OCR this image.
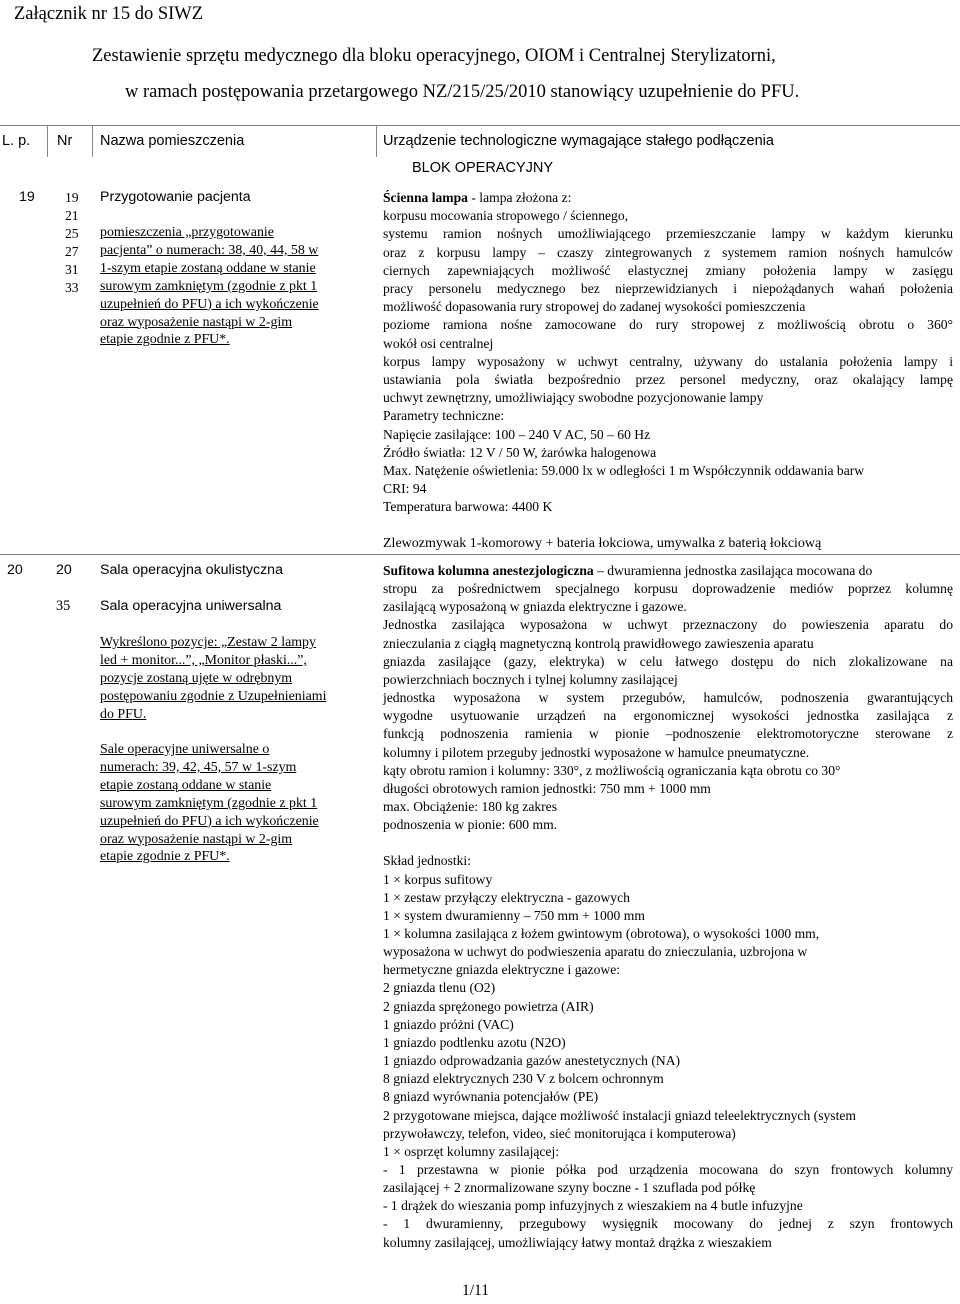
Załącznik nr 15 do SIWZ
Zestawienie sprzętu medycznego dla bloku operacyjnego, OIOM i Centralnej Sterylizatorni,
w ramach postępowania przetargowego NZ/215/25/2010 stanowiący uzupełnienie do PFU.
L. p. Nr Nazwa pomieszczenia	Urządzenie technologiczne wymagające stałego podłączenia
BLOK OPERACYJNY
19 19
21
25
27
31
33
Przygotowanie pacjenta
pomieszczenia „przygotowanie
pacjenta” o numerach: 38, 40, 44, 58 w
1-szym etapie zostaną oddane w stanie
surowym zamkniętym (zgodnie z pkt 1
uzupełnień do PFU) a ich wykończenie
oraz wyposażenie nastąpi w 2-gim
etapie zgodnie z PFU*.
Ścienna lampa - lampa złożona z:
korpusu mocowania stropowego / ściennego,
systemu ramion nośnych umożliwiającego przemieszczanie lampy w każdym kierunku
oraz z korpusu lampy – czaszy zintegrowanych z systemem ramion nośnych hamulców
ciernych zapewniających możliwość elastycznej zmiany położenia lampy w zasięgu
pracy personelu medycznego bez nieprzewidzianych i niepożądanych wahań położenia
możliwość dopasowania rury stropowej do zadanej wysokości pomieszczenia
poziome ramiona nośne zamocowane do rury stropowej z możliwością obrotu o 360°
wokół osi centralnej
korpus lampy wyposażony w uchwyt centralny, używany do ustalania położenia lampy i
ustawiania pola światła bezpośrednio przez personel medyczny, oraz okalający lampę
uchwyt zewnętrzny, umożliwiający swobodne pozycjonowanie lampy
Parametry techniczne:
Napięcie zasilające: 100 – 240 V AC, 50 – 60 Hz
Źródło światła: 12 V / 50 W, żarówka halogenowa
Max. Natężenie oświetlenia: 59.000 lx w odległości 1 m Współczynnik oddawania barw
CRI: 94
Temperatura barwowa: 4400 K
Zlewozmywak 1-komorowy + bateria łokciowa, umywalka z baterią łokciową
20 20
35
Sala operacyjna okulistyczna
Sala operacyjna uniwersalna
Wykreślono pozycje: „Zestaw 2 lampy
led + monitor...”, „Monitor płaski...”,
pozycje zostaną ujęte w odrębnym
postępowaniu zgodnie z Uzupełnieniami
do PFU.
Sale operacyjne uniwersalne o
numerach: 39, 42, 45, 57 w 1-szym
etapie zostaną oddane w stanie
surowym zamkniętym (zgodnie z pkt 1
uzupełnień do PFU) a ich wykończenie
oraz wyposażenie nastąpi w 2-gim
etapie zgodnie z PFU*.
Sufitowa kolumna anestezjologiczna – dwuramienna jednostka zasilająca mocowana do
stropu za pośrednictwem specjalnego korpusu doprowadzenie mediów poprzez kolumnę
zasilającą wyposażoną w gniazda elektryczne i gazowe.
Jednostka zasilająca wyposażona w uchwyt przeznaczony do powieszenia aparatu do
znieczulania z ciągłą magnetyczną kontrolą prawidłowego zawieszenia aparatu
gniazda zasilające (gazy, elektryka) w celu łatwego dostępu do nich zlokalizowane na
powierzchniach bocznych i tylnej kolumny zasilającej
jednostka wyposażona w system przegubów, hamulców, podnoszenia gwarantujących
wygodne usytuowanie urządzeń na ergonomicznej wysokości jednostka zasilająca z
funkcją podnoszenia ramienia w pionie –podnoszenie elektromotoryczne sterowane z
kolumny i pilotem przeguby jednostki wyposażone w hamulce pneumatyczne.
kąty obrotu ramion i kolumny: 330°, z możliwością ograniczania kąta obrotu co 30°
długości obrotowych ramion jednostki: 750 mm + 1000 mm
max. Obciążenie: 180 kg zakres
podnoszenia w pionie: 600 mm.
Skład jednostki:
1 × korpus sufitowy
1 × zestaw przyłączy elektryczna - gazowych
1 × system dwuramienny – 750 mm + 1000 mm
1 × kolumna zasilająca z łożem gwintowym (obrotowa), o wysokości 1000 mm,
wyposażona w uchwyt do podwieszenia aparatu do znieczulania, uzbrojona w
hermetyczne gniazda elektryczne i gazowe:
2 gniazda tlenu (O2)
2 gniazda sprężonego powietrza (AIR)
1 gniazdo próżni (VAC)
1 gniazdo podtlenku azotu (N2O)
1 gniazdo odprowadzania gazów anestetycznych (NA)
8 gniazd elektrycznych 230 V z bolcem ochronnym
8 gniazd wyrównania potencjałów (PE)
2 przygotowane miejsca, dające możliwość instalacji gniazd teleelektrycznych (system
przywoławczy, telefon, video, sieć monitorująca i komputerowa)
1 × osprzęt kolumny zasilającej:
- 1 przestawna w pionie półka pod urządzenia mocowana do szyn frontowych kolumny
zasilającej + 2 znormalizowane szyny boczne - 1 szuflada pod półkę
- 1 drążek do wieszania pomp infuzyjnych z wieszakiem na 4 butle infuzyjne
- 1 dwuramienny, przegubowy wysięgnik mocowany do jednej z szyn frontowych
kolumny zasilającej, umożliwiający łatwy montaż drążka z wieszakiem
1/11
